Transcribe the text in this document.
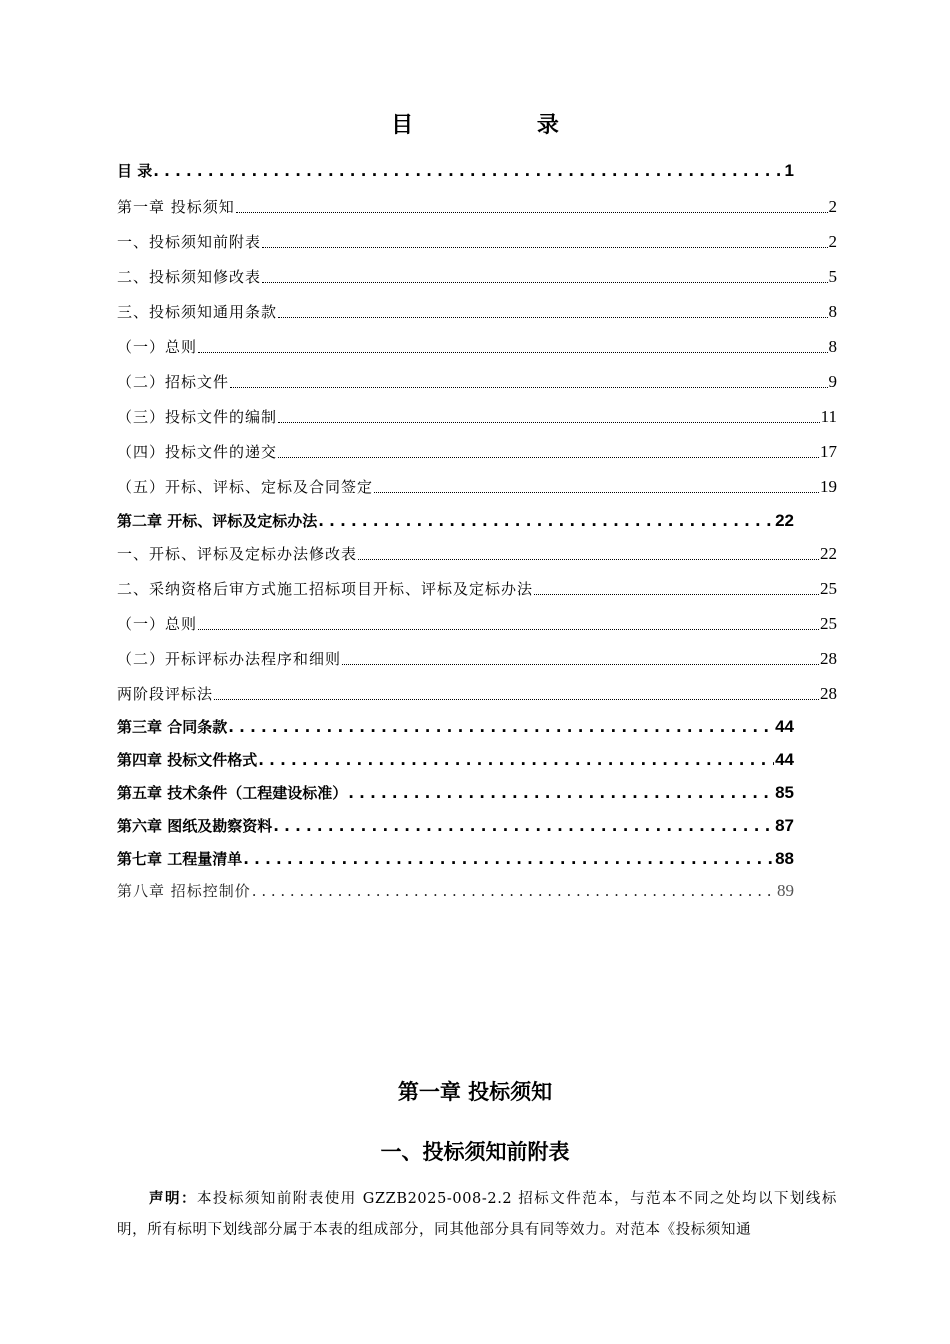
目 录
目 录 . . .	1
第一章 投标须知	2
一、投标须知前附表	2
二、投标须知修改表	5
三、投标须知通用条款	8
（一）总则	8
（二）招标文件	9
（三）投标文件的编制	11
（四）投标文件的递交	17
（五）开标、评标、定标及合同签定	19
第二章 开标、评标及定标办法 . . .	22
一、开标、评标及定标办法修改表	22
二、采纳资格后审方式施工招标项目开标、评标及定标办法	25
（一）总则	25
（二）开标评标办法程序和细则	28
两阶段评标法	28
第三章 合同条款 . . .	44
第四章 投标文件格式 . . .	44
第五章 技术条件（工程建设标准） . . .	85
第六章 图纸及勘察资料 . . .	87
第七章 工程量清单 . . .	88
第八章 招标控制价 . . .	89
第一章 投标须知
一、投标须知前附表
声明：本投标须知前附表使用 GZZB2025-008-2.2 招标文件范本，与范本不同之处均以下划线标明，所有标明下划线部分属于本表的组成部分，同其他部分具有同等效力。对范本《投标须知通
